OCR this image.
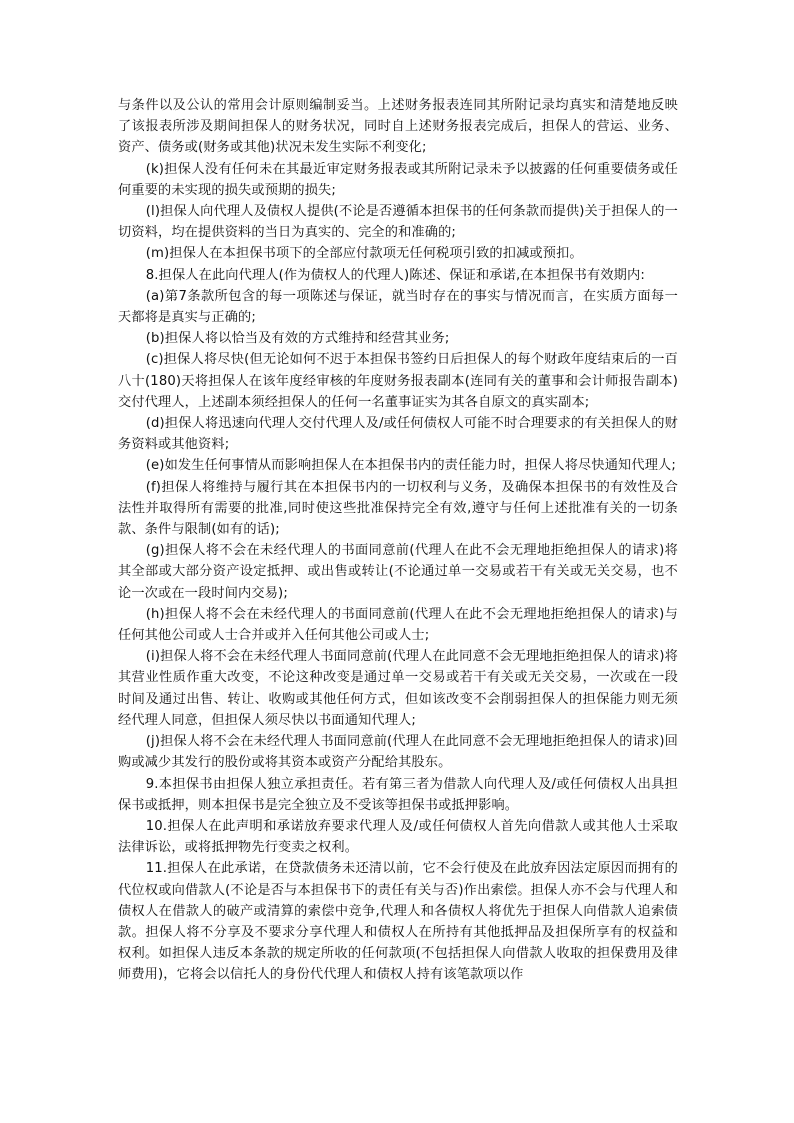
与条件以及公认的常用会计原则编制妥当。上述财务报表连同其所附记录均真实和清楚地反映了该报表所涉及期间担保人的财务状况，同时自上述财务报表完成后，担保人的营运、业务、资产、债务或(财务或其他)状况未发生实际不利变化;

(k)担保人没有任何未在其最近审定财务报表或其所附记录未予以披露的任何重要债务或任何重要的未实现的损失或预期的损失;

(l)担保人向代理人及债权人提供(不论是否遵循本担保书的任何条款而提供)关于担保人的一切资料，均在提供资料的当日为真实的、完全的和准确的;

(m)担保人在本担保书项下的全部应付款项无任何税项引致的扣减或预扣。

8.担保人在此向代理人(作为债权人的代理人)陈述、保证和承诺,在本担保书有效期内:

(a)第7条款所包含的每一项陈述与保证，就当时存在的事实与情况而言，在实质方面每一天都将是真实与正确的;

(b)担保人将以恰当及有效的方式维持和经营其业务;

(c)担保人将尽快(但无论如何不迟于本担保书签约日后担保人的每个财政年度结束后的一百八十(180)天将担保人在该年度经审核的年度财务报表副本(连同有关的董事和会计师报告副本)交付代理人，上述副本须经担保人的任何一名董事证实为其各自原文的真实副本;

(d)担保人将迅速向代理人交付代理人及/或任何债权人可能不时合理要求的有关担保人的财务资料或其他资料;

(e)如发生任何事情从而影响担保人在本担保书内的责任能力时，担保人将尽快通知代理人;

(f)担保人将维持与履行其在本担保书内的一切权利与义务，及确保本担保书的有效性及合法性并取得所有需要的批准,同时使这些批准保持完全有效,遵守与任何上述批准有关的一切条款、条件与限制(如有的话);

(g)担保人将不会在未经代理人的书面同意前(代理人在此不会无理地拒绝担保人的请求)将其全部或大部分资产设定抵押、或出售或转让(不论通过单一交易或若干有关或无关交易，也不论一次或在一段时间内交易);

(h)担保人将不会在未经代理人的书面同意前(代理人在此不会无理地拒绝担保人的请求)与任何其他公司或人士合并或并入任何其他公司或人士;

(i)担保人将不会在未经代理人书面同意前(代理人在此同意不会无理地拒绝担保人的请求)将其营业性质作重大改变，不论这种改变是通过单一交易或若干有关或无关交易，一次或在一段时间及通过出售、转让、收购或其他任何方式，但如该改变不会削弱担保人的担保能力则无须经代理人同意，但担保人须尽快以书面通知代理人;

(j)担保人将不会在未经代理人书面同意前(代理人在此同意不会无理地拒绝担保人的请求)回购或减少其发行的股份或将其资本或资产分配给其股东。

9.本担保书由担保人独立承担责任。若有第三者为借款人向代理人及/或任何债权人出具担保书或抵押，则本担保书是完全独立及不受该等担保书或抵押影响。

10.担保人在此声明和承诺放弃要求代理人及/或任何债权人首先向借款人或其他人士采取法律诉讼，或将抵押物先行变卖之权利。

11.担保人在此承诺，在贷款债务未还清以前，它不会行使及在此放弃因法定原因而拥有的代位权或向借款人(不论是否与本担保书下的责任有关与否)作出索偿。担保人亦不会与代理人和债权人在借款人的破产或清算的索偿中竞争,代理人和各债权人将优先于担保人向借款人追索债款。担保人将不分享及不要求分享代理人和债权人在所持有其他抵押品及担保所享有的权益和权利。如担保人违反本条款的规定所收的任何款项(不包括担保人向借款人收取的担保费用及律师费用)，它将会以信托人的身份代代理人和债权人持有该笔款项以作
